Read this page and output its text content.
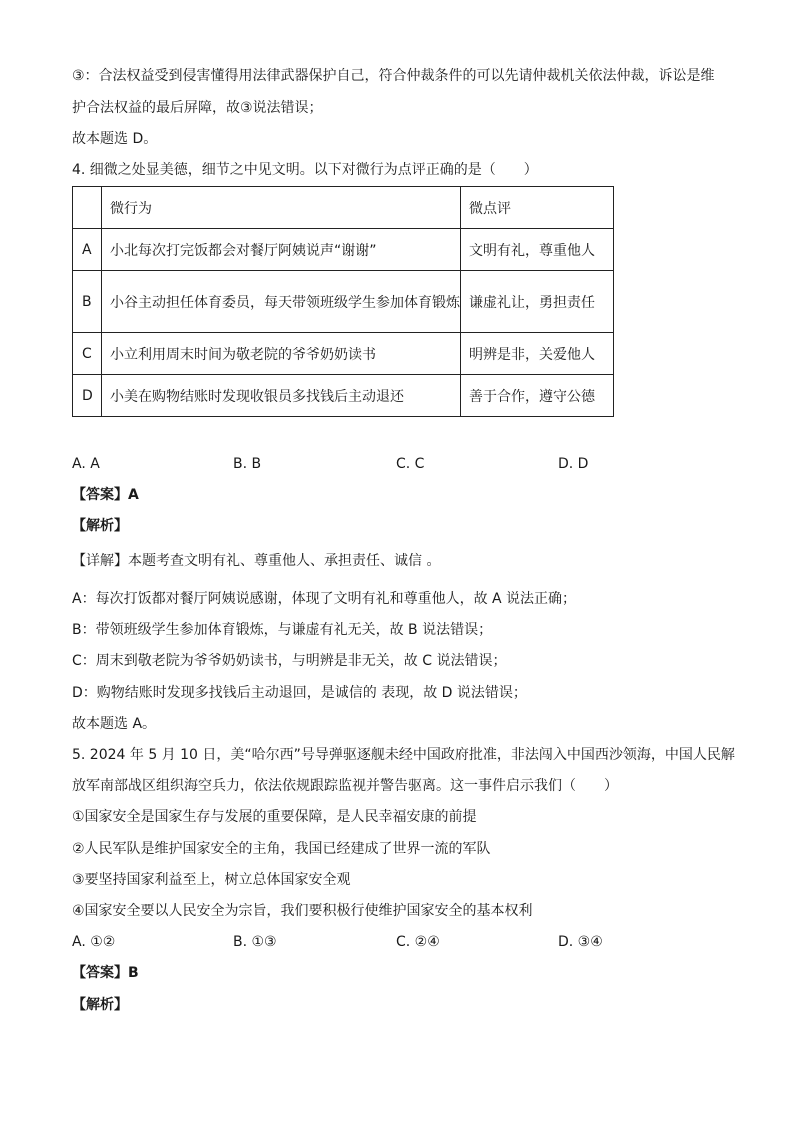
③：合法权益受到侵害懂得用法律武器保护自己，符合仲裁条件的可以先请仲裁机关依法仲裁，诉讼是维
护合法权益的最后屏障，故③说法错误；
故本题选 D。
4. 细微之处显美德，细节之中见文明。以下对微行为点评正确的是（　　）
	微行为	微点评
A	小北每次打完饭都会对餐厅阿姨说声“谢谢”	文明有礼，尊重他人
B	小谷主动担任体育委员，每天带领班级学生参加体育锻炼	谦虚礼让，勇担责任
C	小立利用周末时间为敬老院的爷爷奶奶读书	明辨是非，关爱他人
D	小美在购物结账时发现收银员多找钱后主动退还	善于合作，遵守公德
A. A	B. B	C. C	D. D
【答案】A
【解析】
【详解】本题考查文明有礼、尊重他人、承担责任、诚信 。
A：每次打饭都对餐厅阿姨说感谢，体现了文明有礼和尊重他人，故 A 说法正确；
B：带领班级学生参加体育锻炼，与谦虚有礼无关，故 B 说法错误；
C：周末到敬老院为爷爷奶奶读书，与明辨是非无关，故 C 说法错误；
D：购物结账时发现多找钱后主动退回，是诚信的 表现，故 D 说法错误；
故本题选 A。
5. 2024 年 5 月 10 日，美“哈尔西”号导弹驱逐舰未经中国政府批准，非法闯入中国西沙领海，中国人民解
放军南部战区组织海空兵力，依法依规跟踪监视并警告驱离。这一事件启示我们（　　）
①国家安全是国家生存与发展的重要保障，是人民幸福安康的前提
②人民军队是维护国家安全的主角，我国已经建成了世界一流的军队
③要坚持国家利益至上，树立总体国家安全观
④国家安全要以人民安全为宗旨，我们要积极行使维护国家安全的基本权利
A. ①②	B. ①③	C. ②④	D. ③④
【答案】B
【解析】
